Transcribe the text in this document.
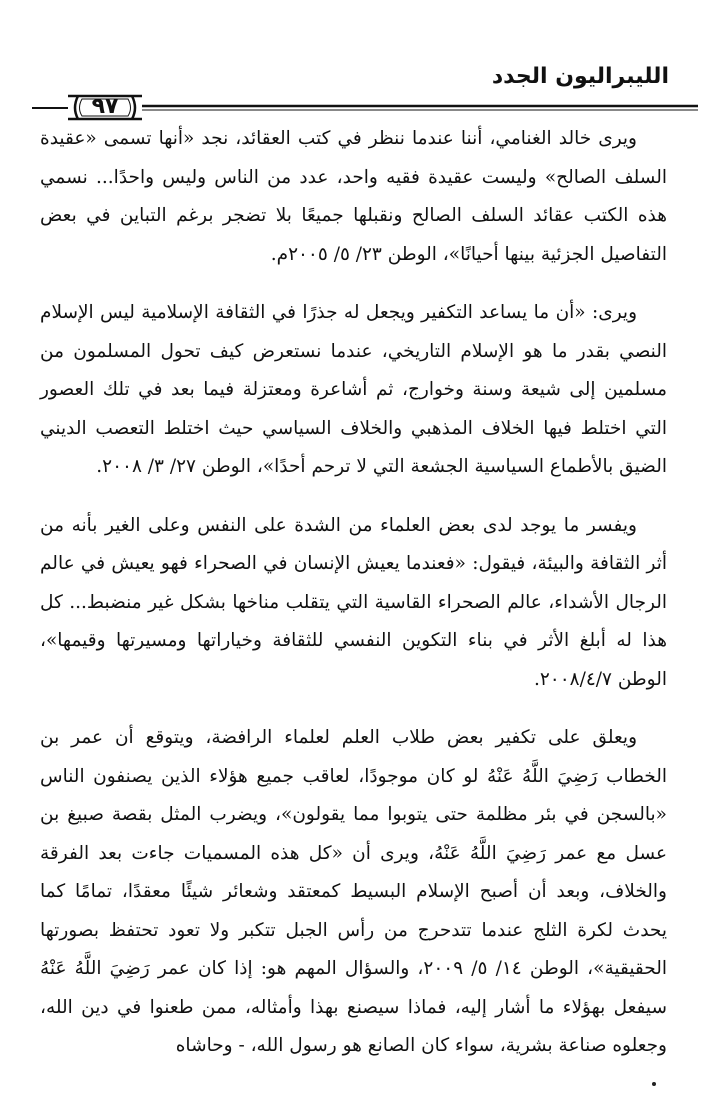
الليبراليون الجدد
٩٧

ويرى خالد الغنامي، أننا عندما ننظر في كتب العقائد، نجد «أنها تسمى «عقيدة السلف الصالح» وليست عقيدة فقيه واحد، عدد من الناس وليس واحدًا... نسمي هذه الكتب عقائد السلف الصالح ونقبلها جميعًا بلا تضجر برغم التباين في بعض التفاصيل الجزئية بينها أحيانًا»، الوطن ٢٣/ ٥/ ٢٠٠٥م.

ويرى: «أن ما يساعد التكفير ويجعل له جذرًا في الثقافة الإسلامية ليس الإسلام النصي بقدر ما هو الإسلام التاريخي، عندما نستعرض كيف تحول المسلمون من مسلمين إلى شيعة وسنة وخوارج، ثم أشاعرة ومعتزلة فيما بعد في تلك العصور التي اختلط فيها الخلاف المذهبي والخلاف السياسي حيث اختلط التعصب الديني الضيق بالأطماع السياسية الجشعة التي لا ترحم أحدًا»، الوطن ٢٧/ ٣/ ٢٠٠٨.

ويفسر ما يوجد لدى بعض العلماء من الشدة على النفس وعلى الغير بأنه من أثر الثقافة والبيئة، فيقول: «فعندما يعيش الإنسان في الصحراء فهو يعيش في عالم الرجال الأشداء، عالم الصحراء القاسية التي يتقلب مناخها بشكل غير منضبط... كل هذا له أبلغ الأثر في بناء التكوين النفسي للثقافة وخياراتها ومسيرتها وقيمها»، الوطن ٢٠٠٨/٤/٧.

ويعلق على تكفير بعض طلاب العلم لعلماء الرافضة، ويتوقع أن عمر بن الخطاب رَضِيَ اللَّهُ عَنْهُ لو كان موجودًا، لعاقب جميع هؤلاء الذين يصنفون الناس «بالسجن في بئر مظلمة حتى يتوبوا مما يقولون»، ويضرب المثل بقصة صبيغ بن عسل مع عمر رَضِيَ اللَّهُ عَنْهُ، ويرى أن «كل هذه المسميات جاءت بعد الفرقة والخلاف، وبعد أن أصبح الإسلام البسيط كمعتقد وشعائر شيئًا معقدًا، تمامًا كما يحدث لكرة الثلج عندما تتدحرج من رأس الجبل تتكبر ولا تعود تحتفظ بصورتها الحقيقية»، الوطن ١٤/ ٥/ ٢٠٠٩، والسؤال المهم هو: إذا كان عمر رَضِيَ اللَّهُ عَنْهُ سيفعل بهؤلاء ما أشار إليه، فماذا سيصنع بهذا وأمثاله، ممن طعنوا في دين الله، وجعلوه صناعة بشرية، سواء كان الصانع هو رسول الله، - وحاشاه
